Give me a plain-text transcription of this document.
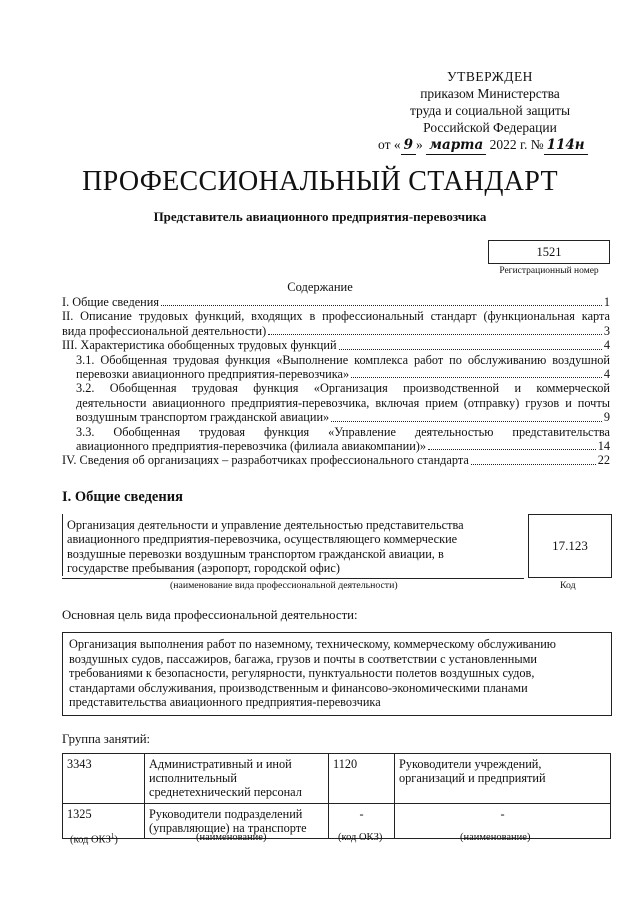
УТВЕРЖДЕН
приказом Министерства
труда и социальной защиты
Российской Федерации
от « 9 » марта 2022 г. № 114н
ПРОФЕССИОНАЛЬНЫЙ СТАНДАРТ
Представитель авиационного предприятия-перевозчика
1521
Регистрационный номер
Содержание
I. Общие сведения	1
II. Описание трудовых функций, входящих в профессиональный стандарт (функциональная карта
вида профессиональной деятельности)	3
III. Характеристика обобщенных трудовых функций	4
3.1. Обобщенная трудовая функция «Выполнение комплекса работ по обслуживанию воздушной
перевозки авиационного предприятия-перевозчика»	4
3.2. Обобщенная трудовая функция «Организация производственной и коммерческой
деятельности авиационного предприятия-перевозчика, включая прием (отправку) грузов и почты
воздушным транспортом гражданской авиации»	9
3.3. Обобщенная трудовая функция «Управление деятельностью представительства
авиационного предприятия-перевозчика (филиала авиакомпании)»	14
IV. Сведения об организациях – разработчиках профессионального стандарта	22
I. Общие сведения
Организация деятельности и управление деятельностью представительства
авиационного предприятия-перевозчика, осуществляющего коммерческие
воздушные перевозки воздушным транспортом гражданской авиации, в
государстве пребывания (аэропорт, городской офис)
17.123
(наименование вида профессиональной деятельности)	Код
Основная цель вида профессиональной деятельности:
Организация выполнения работ по наземному, техническому, коммерческому обслуживанию
воздушных судов, пассажиров, багажа, грузов и почты в соответствии с установленными
требованиями к безопасности, регулярности, пунктуальности полетов воздушных судов,
стандартами обслуживания, производственным и финансово-экономическими планами
представительства авиационного предприятия-перевозчика
Группа занятий:
3343	Административный и иной исполнительный среднетехнический персонал	1120	Руководители учреждений, организаций и предприятий
1325	Руководители подразделений (управляющие) на транспорте	-	-
(код ОКЗ$^1$)	(наименование)	(код ОКЗ)	(наименование)
